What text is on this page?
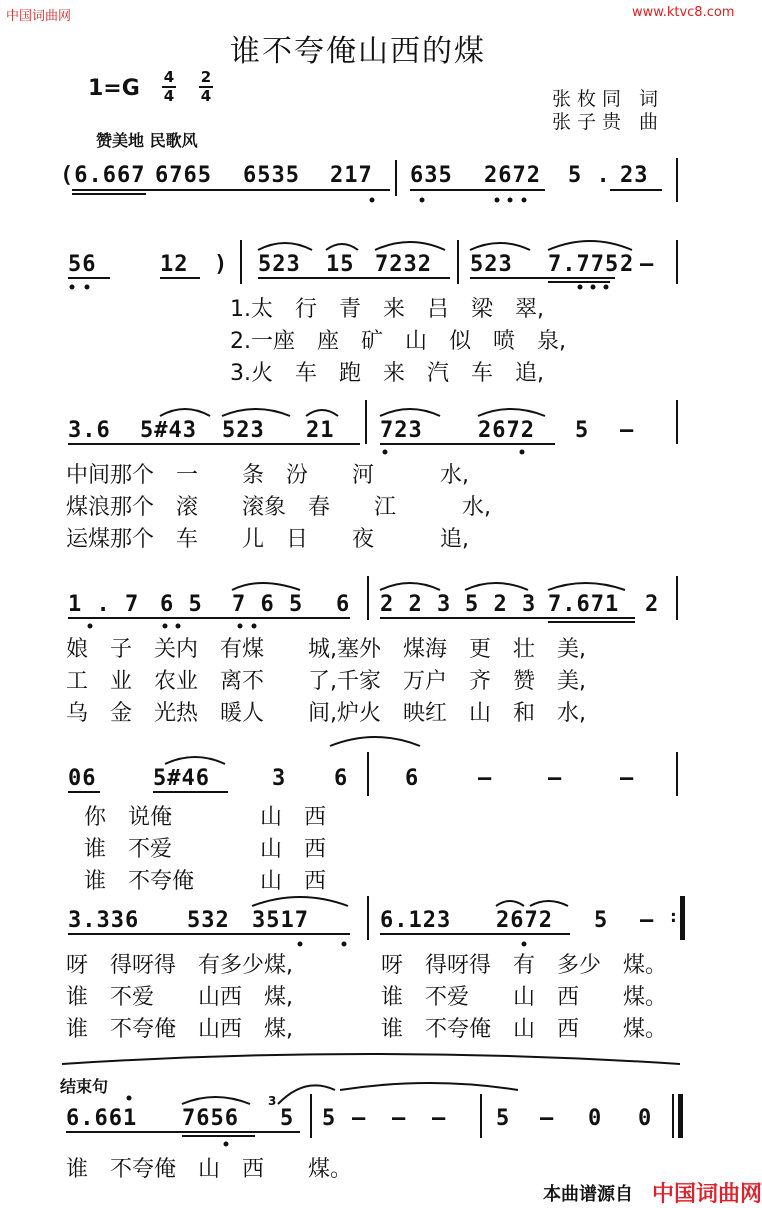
中国词曲网	www.ktvc8.com
谁不夸俺山西的煤
1=G 4
4
2
4	张枚同 词
张子贵 曲
赞美地 民歌风
(6.667 6765 6535 217 635 2672 5 . 23
56	12 ) 523 15 7232 523 7.775 2 —
1.太　行　青　来　吕　梁　翠,
2.一座　座　矿　山　似　喷　泉,
3.火　车　跑　来　汽　车　追,
3.6 5#43 523 21 723	2672 5 —
中间那个　一　　条　汾　　河　　　水,
煤浪那个　滚　　滚象　春　　江　　　水,
运煤那个　车　　儿　日　　夜　　　追,
1 . 7 6 5 7 6 5 6 2 2 3 5 2 3 7.671 2
娘　子　关内　有煤　　城,塞外　煤海　更　壮　美,
工　业　农业　离不　　了,千家　万户　齐　赞　美,
乌　金　光热　暖人　　间,炉火　映红　山　和　水,
06	5#46	3 6	6	—	—	—
你　说俺　　　　山　西
谁　不爱　　　　山　西
谁　不夸俺　　　山　西
3.336 532 3517	6.123 2672 5 — :
呀　得呀得　有多少煤,　　　　呀　得呀得　有　多少　煤。
谁　不爱　　山西　煤,　　　　谁　不爱　　山　西　　煤。
谁　不夸俺　山西　煤,　　　　谁　不夸俺　山　西　　煤。
结束句
6.661 7656
3
5 5 — — — 5 — 0 0
谁　不夸俺　山　西　　煤。
本曲谱源自 中国词曲网
